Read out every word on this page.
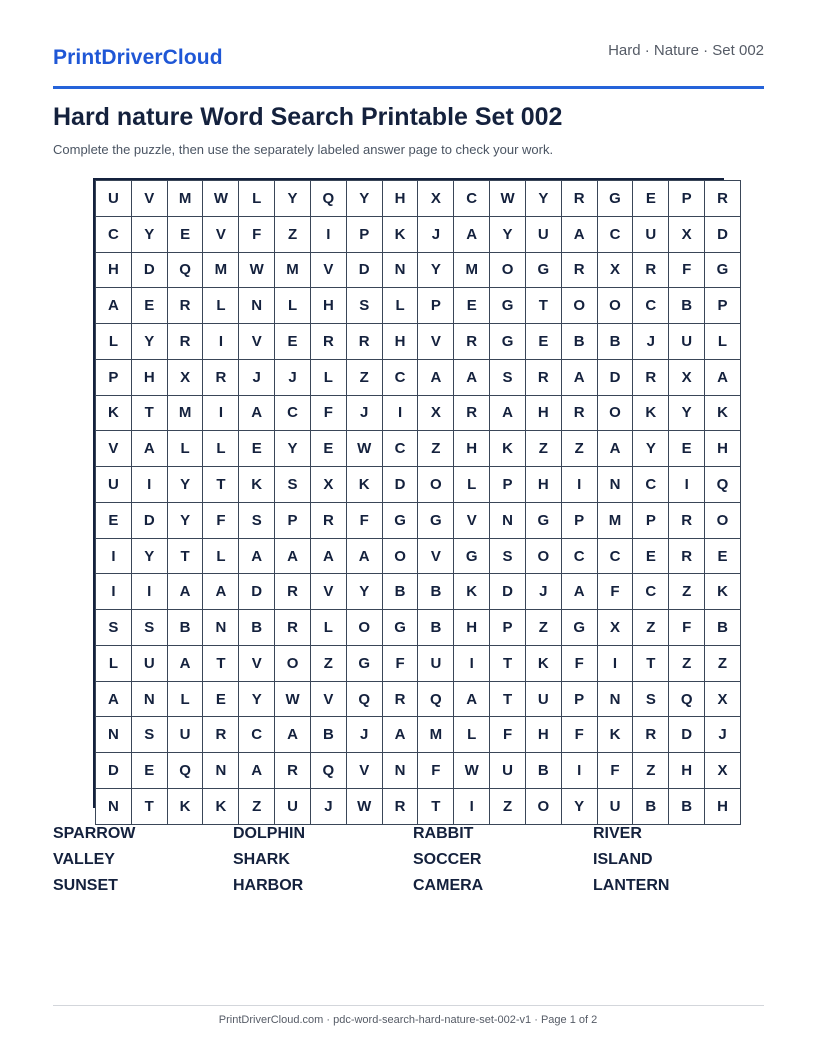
PrintDriverCloud	Hard · Nature · Set 002
Hard nature Word Search Printable Set 002
Complete the puzzle, then use the separately labeled answer page to check your work.
U	V	M	W	L	Y	Q	Y	H	X	C	W	Y	R	G	E	P	R
C	Y	E	V	F	Z	I	P	K	J	A	Y	U	A	C	U	X	D
H	D	Q	M	W	M	V	D	N	Y	M	O	G	R	X	R	F	G
A	E	R	L	N	L	H	S	L	P	E	G	T	O	O	C	B	P
L	Y	R	I	V	E	R	R	H	V	R	G	E	B	B	J	U	L
P	H	X	R	J	J	L	Z	C	A	A	S	R	A	D	R	X	A
K	T	M	I	A	C	F	J	I	X	R	A	H	R	O	K	Y	K
V	A	L	L	E	Y	E	W	C	Z	H	K	Z	Z	A	Y	E	H
U	I	Y	T	K	S	X	K	D	O	L	P	H	I	N	C	I	Q
E	D	Y	F	S	P	R	F	G	G	V	N	G	P	M	P	R	O
I	Y	T	L	A	A	A	A	O	V	G	S	O	C	C	E	R	E
I	I	A	A	D	R	V	Y	B	B	K	D	J	A	F	C	Z	K
S	S	B	N	B	R	L	O	G	B	H	P	Z	G	X	Z	F	B
L	U	A	T	V	O	Z	G	F	U	I	T	K	F	I	T	Z	Z
A	N	L	E	Y	W	V	Q	R	Q	A	T	U	P	N	S	Q	X
N	S	U	R	C	A	B	J	A	M	L	F	H	F	K	R	D	J
D	E	Q	N	A	R	Q	V	N	F	W	U	B	I	F	Z	H	X
N	T	K	K	Z	U	J	W	R	T	I	Z	O	Y	U	B	B	H
SPARROW	DOLPHIN	RABBIT	RIVER
VALLEY	SHARK	SOCCER	ISLAND
SUNSET	HARBOR	CAMERA	LANTERN
PrintDriverCloud.com · pdc-word-search-hard-nature-set-002-v1 · Page 1 of 2
